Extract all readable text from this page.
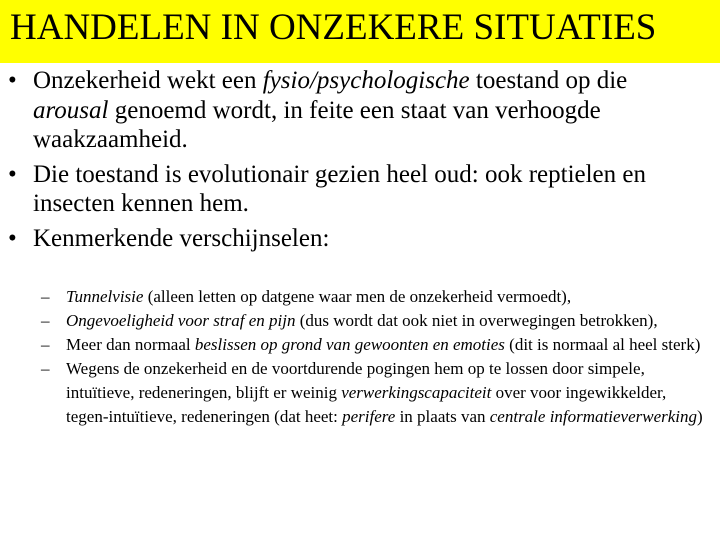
HANDELEN IN ONZEKERE SITUATIES
• Onzekerheid wekt een fysio/psychologische toestand op die arousal genoemd wordt, in feite een staat van verhoogde waakzaamheid.
• Die toestand is evolutionair gezien heel oud: ook reptielen en insecten kennen hem.
• Kenmerkende verschijnselen:
– Tunnelvisie (alleen letten op datgene waar men de onzekerheid vermoedt),
– Ongevoeligheid voor straf en pijn (dus wordt dat ook niet in overwegingen betrokken),
– Meer dan normaal beslissen op grond van gewoonten en emoties (dit is normaal al heel sterk)
– Wegens de onzekerheid en de voortdurende pogingen hem op te lossen door simpele, intuïtieve, redeneringen, blijft er weinig verwerkingscapaciteit over voor ingewikkelder, tegen-intuïtieve, redeneringen (dat heet: perifere in plaats van centrale informatieverwerking)
